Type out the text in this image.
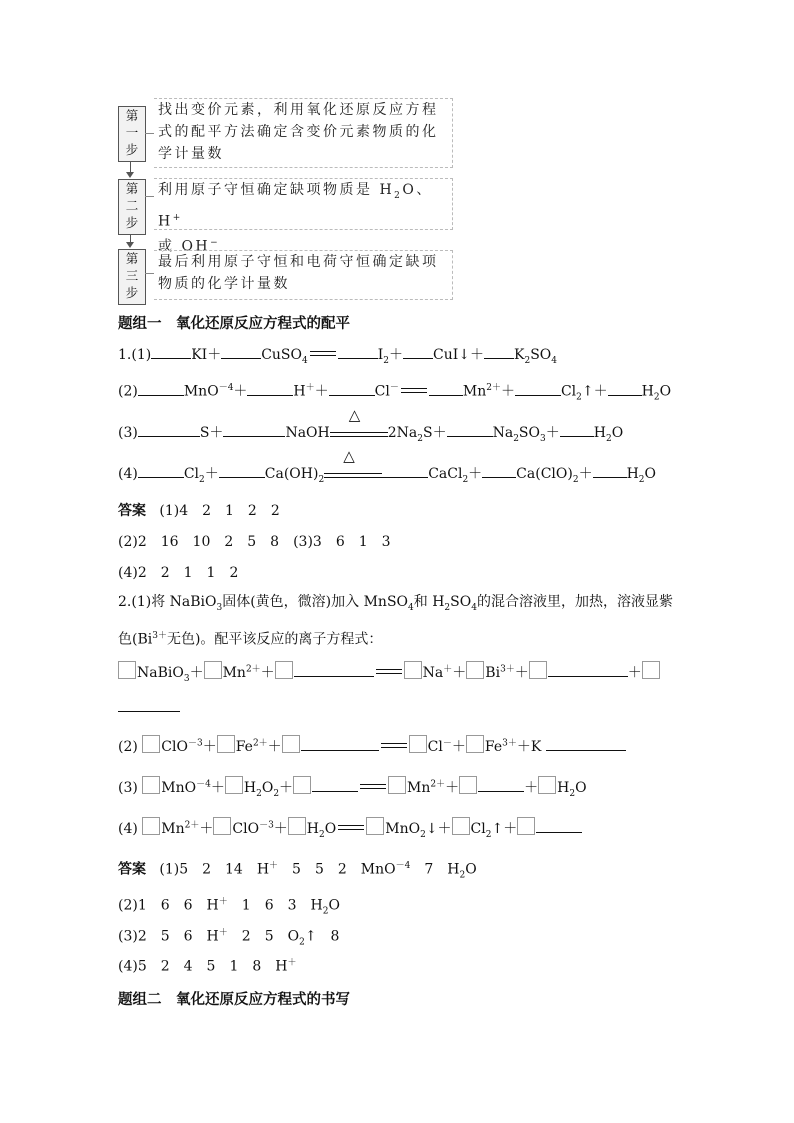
第
一
步
找出变价元素，利用氧化还原反应方程式的配平方法确定含变价元素物质的化学计量数
第
二
步
利用原子守恒确定缺项物质是 $H_2O$、H+
或 OH−
第
三
步
最后利用原子守恒和电荷守恒确定缺项物质的化学计量数
题组一　氧化还原反应方程式的配平
1.(1)	KI＋	CuSO$_4$	$I_2+$ CuI↓＋ $K_2SO_4$
(2)	MnO$^{-4}$＋	H＋＋	Cl－	$Mn^{2+}+$	$Cl_2↑+ H_2O$
(3)	S＋	NaOH
△
$2Na_2S+$	$Na_2SO_3+ H_2O$
(4)	$Cl_2+$	$Ca(OH)_2$
△
CaCl$_2$＋ $Ca(ClO)_2+ H_2O$
答案 (1)4　2　1　2　2
(2)2　16　10　2　5　8　(3)3　6　1　3
(4)2　2　1　1　2
2.(1)将 NaBiO$_3$固体(黄色，微溶)加入 MnSO$_4$和 $H_2SO_4$的混合溶液里，加热，溶液显紫色($Bi^{3+}$无色)。配平该反应的离子方程式：
NaBiO$_3$＋ $Mn^{2+}+$	$Na^++ Bi^{3+}+$	＋
(2) $ClO^{-3}+ Fe^{2+}+$	$Cl^-+ Fe^{3+}+K$
(3) $MnO^{-4}+ H_2O_2+$	$Mn^{2+}+$	＋ $H_2O$
(4) $Mn^{2+}+ ClO^{-3}+ H_2O$	MnO$_2$↓＋ $Cl_2↑+$
答案 (1)5　2　14　H＋　5　5　2　MnO$^{-4}$　7　$H_2O$
(2)1　6　6　H＋　1　6　3　$H_2O$
(3)2　5　6　H＋　2　5　$O_2↑$　8
(4)5　2　4　5　1　8　H＋
题组二　氧化还原反应方程式的书写
